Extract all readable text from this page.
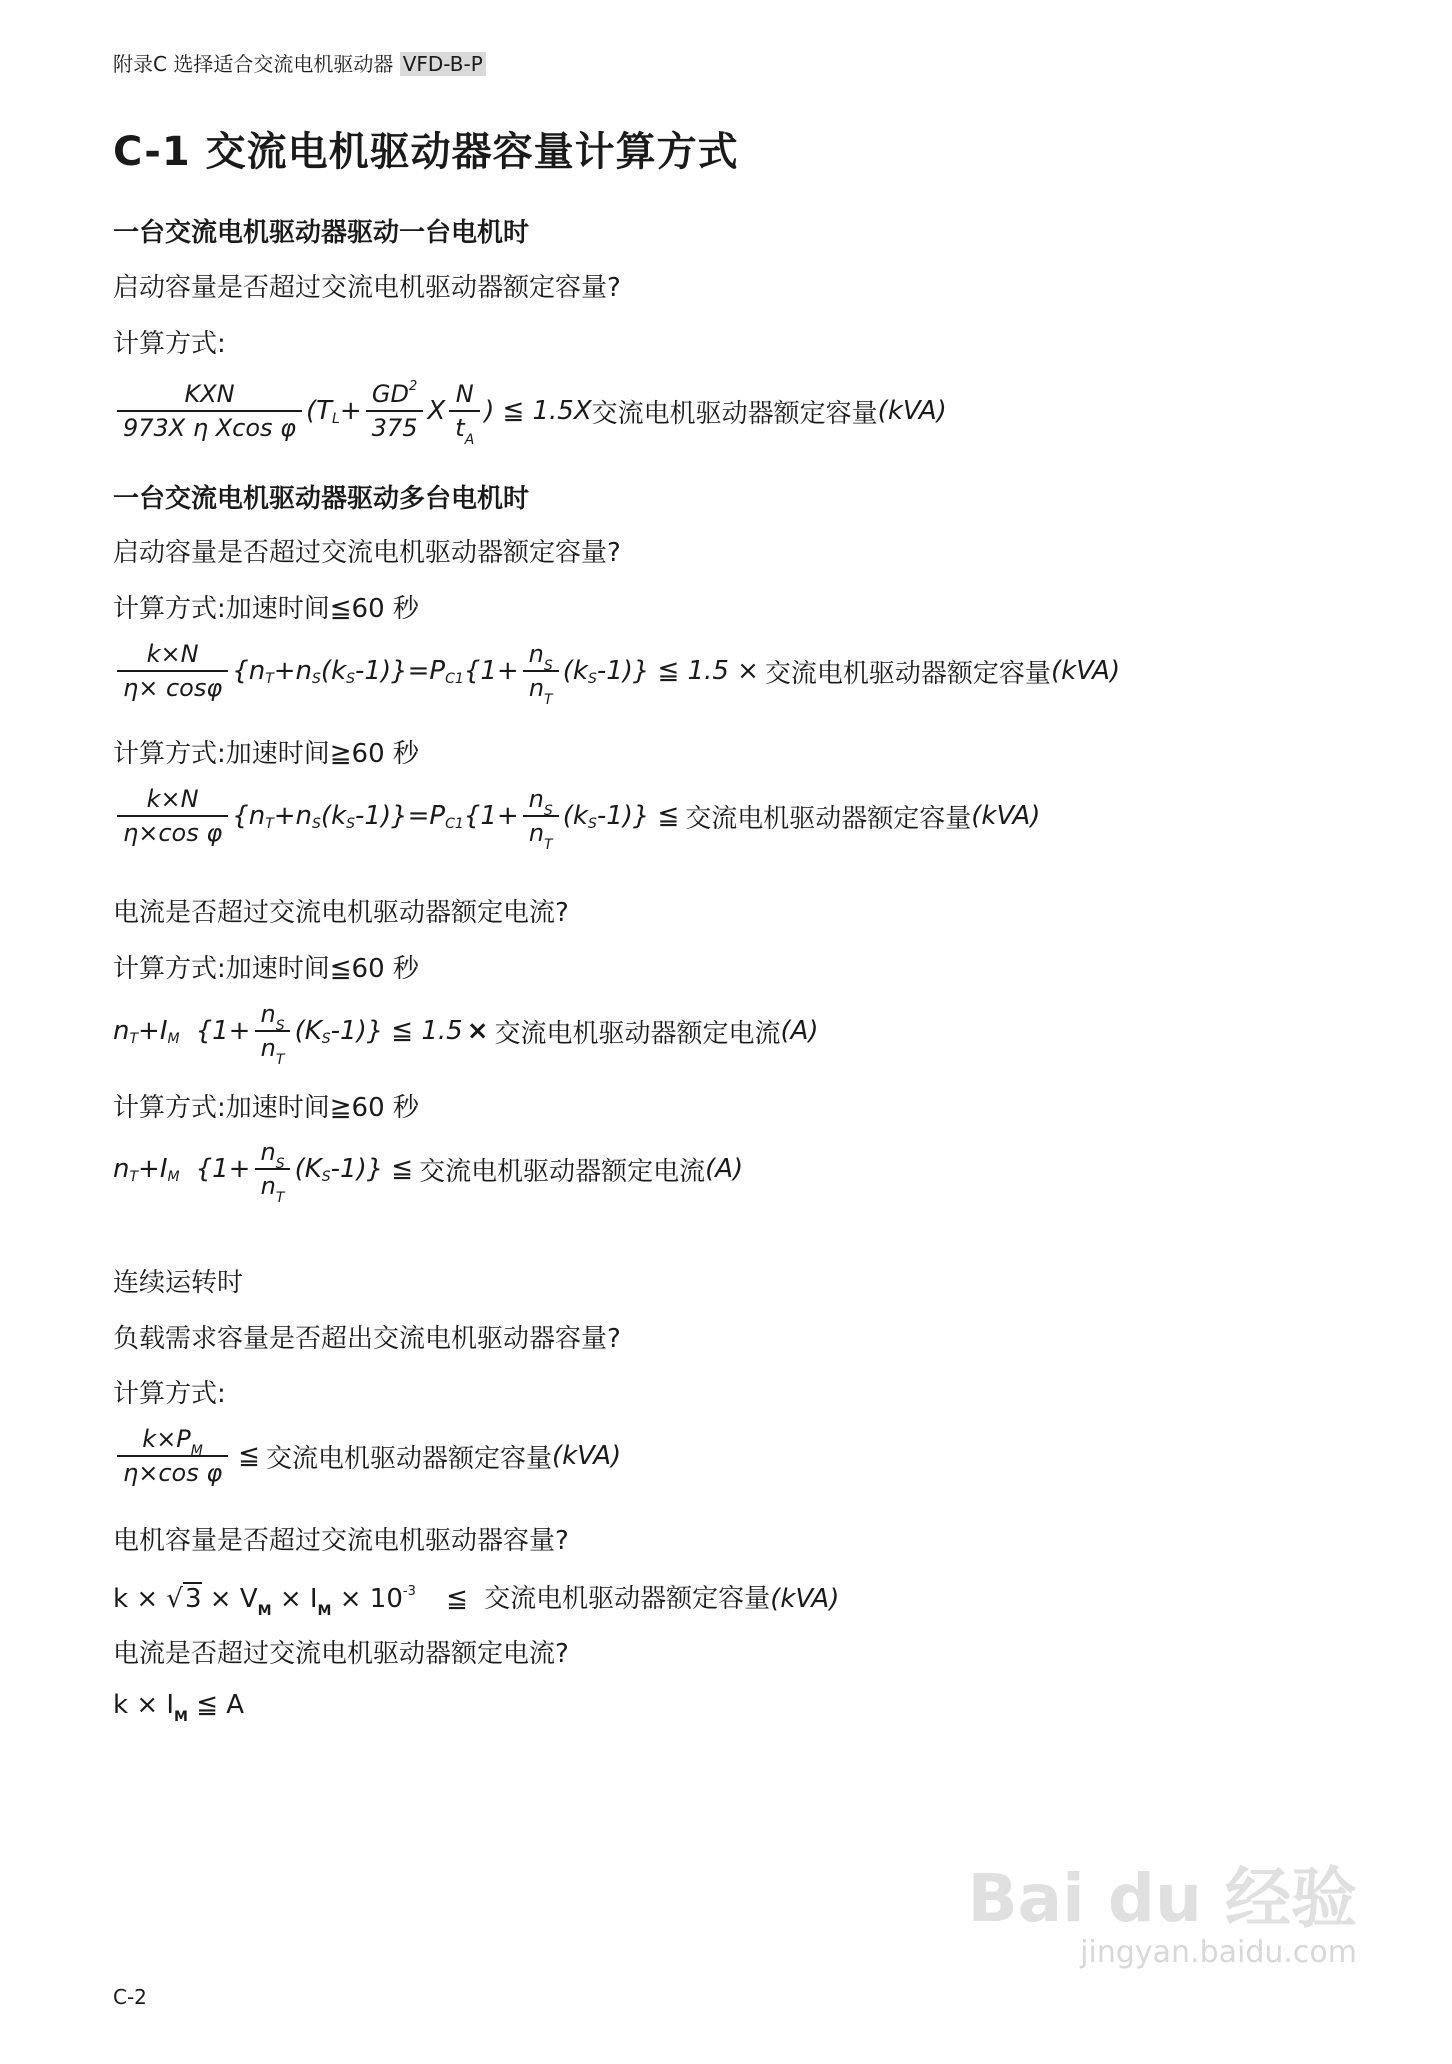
附录C 选择适合交流电机驱动器 VFD-B-P
C-1 交流电机驱动器容量计算方式
一台交流电机驱动器驱动一台电机时
启动容量是否超过交流电机驱动器额定容量?
计算方式:
$\frac{\text{KXN}}{\text{973X η Xcos φ}} (T$ $L + \frac{GD^2}{375}$ X $\frac{N}{t_A}$ ) ≦ 1.5X 交流电机驱动器额定容量 (kVA)
一台交流电机驱动器驱动多台电机时
启动容量是否超过交流电机驱动器额定容量?
计算方式:加速时间≦60 秒
$\frac{k\times N}{\eta\times \cos\varphi} \{n$ T +n S (k S -1)}=P C1 {$1+ \frac{n_S}{n_T} (k$ S -1)} ≦ 1.5 × 交流电机驱动器额定容量 (kVA)
计算方式:加速时间≧60 秒
$\frac{k\times N}{\text{η×cos φ}} \{n$ T +n S (k S -1)}=P C1 {$1+ \frac{n_S}{n_T} (k$ S -1)} ≦ 交流电机驱动器额定容量 (kVA)
电流是否超过交流电机驱动器额定电流?
计算方式:加速时间≦60 秒
n T +I M {$1+ \frac{n_S}{n_T} (K$ S -1)} ≦ 1.5 × 交流电机驱动器额定电流 (A)
计算方式:加速时间≧60 秒
n T +I M {$1+ \frac{n_S}{n_T} (K$ S -1)} ≦ 交流电机驱动器额定电流 (A)
连续运转时
负载需求容量是否超出交流电机驱动器容量?
计算方式:
$\frac{k\times P_M}{\text{η×cos φ}}$ ≦ 交流电机驱动器额定容量 (kVA)
电机容量是否超过交流电机驱动器容量?
$k \times √3 \times V_M \times I_M \times 10^{-3}$ ≦ 交流电机驱动器额定容量(kVA)
电流是否超过交流电机驱动器额定电流?
$k \times I_M$ ≦ A
Bai du 经验
jingyan.baidu.com
C-2
